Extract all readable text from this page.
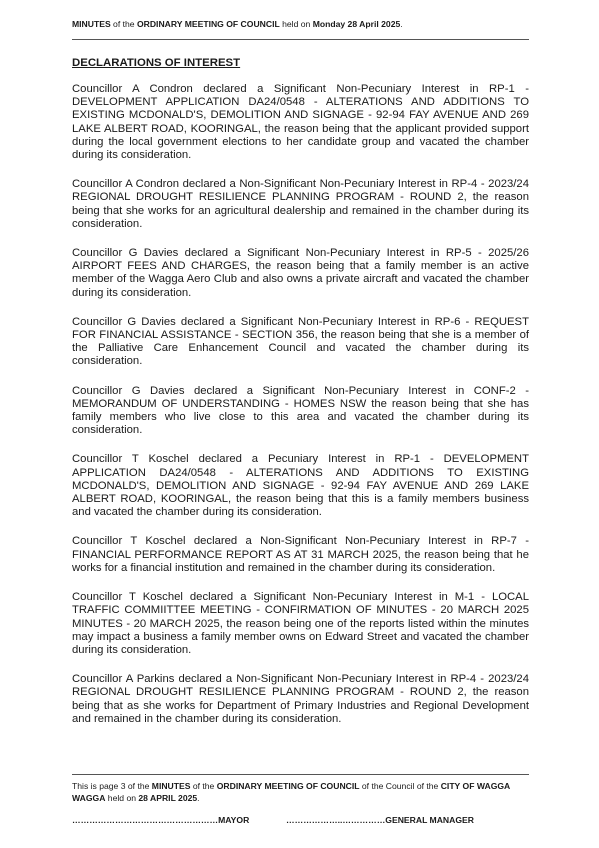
MINUTES of the ORDINARY MEETING OF COUNCIL held on Monday 28 April 2025.
DECLARATIONS OF INTEREST

Councillor A Condron declared a Significant Non-Pecuniary Interest in RP-1 - DEVELOPMENT APPLICATION DA24/0548 - ALTERATIONS AND ADDITIONS TO EXISTING MCDONALD'S, DEMOLITION AND SIGNAGE - 92-94 FAY AVENUE AND 269 LAKE ALBERT ROAD, KOORINGAL, the reason being that the applicant provided support during the local government elections to her candidate group and vacated the chamber during its consideration.

Councillor A Condron declared a Non-Significant Non-Pecuniary Interest in RP-4 - 2023/24 REGIONAL DROUGHT RESILIENCE PLANNING PROGRAM - ROUND 2, the reason being that she works for an agricultural dealership and remained in the chamber during its consideration.

Councillor G Davies declared a Significant Non-Pecuniary Interest in RP-5 - 2025/26 AIRPORT FEES AND CHARGES, the reason being that a family member is an active member of the Wagga Aero Club and also owns a private aircraft and vacated the chamber during its consideration.

Councillor G Davies declared a Significant Non-Pecuniary Interest in RP-6 - REQUEST FOR FINANCIAL ASSISTANCE - SECTION 356, the reason being that she is a member of the Palliative Care Enhancement Council and vacated the chamber during its consideration.

Councillor G Davies declared a Significant Non-Pecuniary Interest in CONF-2 - MEMORANDUM OF UNDERSTANDING - HOMES NSW the reason being that she has family members who live close to this area and vacated the chamber during its consideration.

Councillor T Koschel declared a Pecuniary Interest in RP-1 - DEVELOPMENT APPLICATION DA24/0548 - ALTERATIONS AND ADDITIONS TO EXISTING MCDONALD'S, DEMOLITION AND SIGNAGE - 92-94 FAY AVENUE AND 269 LAKE ALBERT ROAD, KOORINGAL, the reason being that this is a family members business and vacated the chamber during its consideration.

Councillor T Koschel declared a Non-Significant Non-Pecuniary Interest in RP-7 - FINANCIAL PERFORMANCE REPORT AS AT 31 MARCH 2025, the reason being that he works for a financial institution and remained in the chamber during its consideration.

Councillor T Koschel declared a Significant Non-Pecuniary Interest in M-1 - LOCAL TRAFFIC COMMIITTEE MEETING - CONFIRMATION OF MINUTES - 20 MARCH 2025 MINUTES - 20 MARCH 2025, the reason being one of the reports listed within the minutes may impact a business a family member owns on Edward Street and vacated the chamber during its consideration.

Councillor A Parkins declared a Non-Significant Non-Pecuniary Interest in RP-4 - 2023/24 REGIONAL DROUGHT RESILIENCE PLANNING PROGRAM - ROUND 2, the reason being that as she works for Department of Primary Industries and Regional Development and remained in the chamber during its consideration.

This is page 3 of the MINUTES of the ORDINARY MEETING OF COUNCIL of the Council of the CITY OF WAGGA WAGGA held on 28 APRIL 2025.
……………………………………………MAYOR	………………..……………GENERAL MANAGER
